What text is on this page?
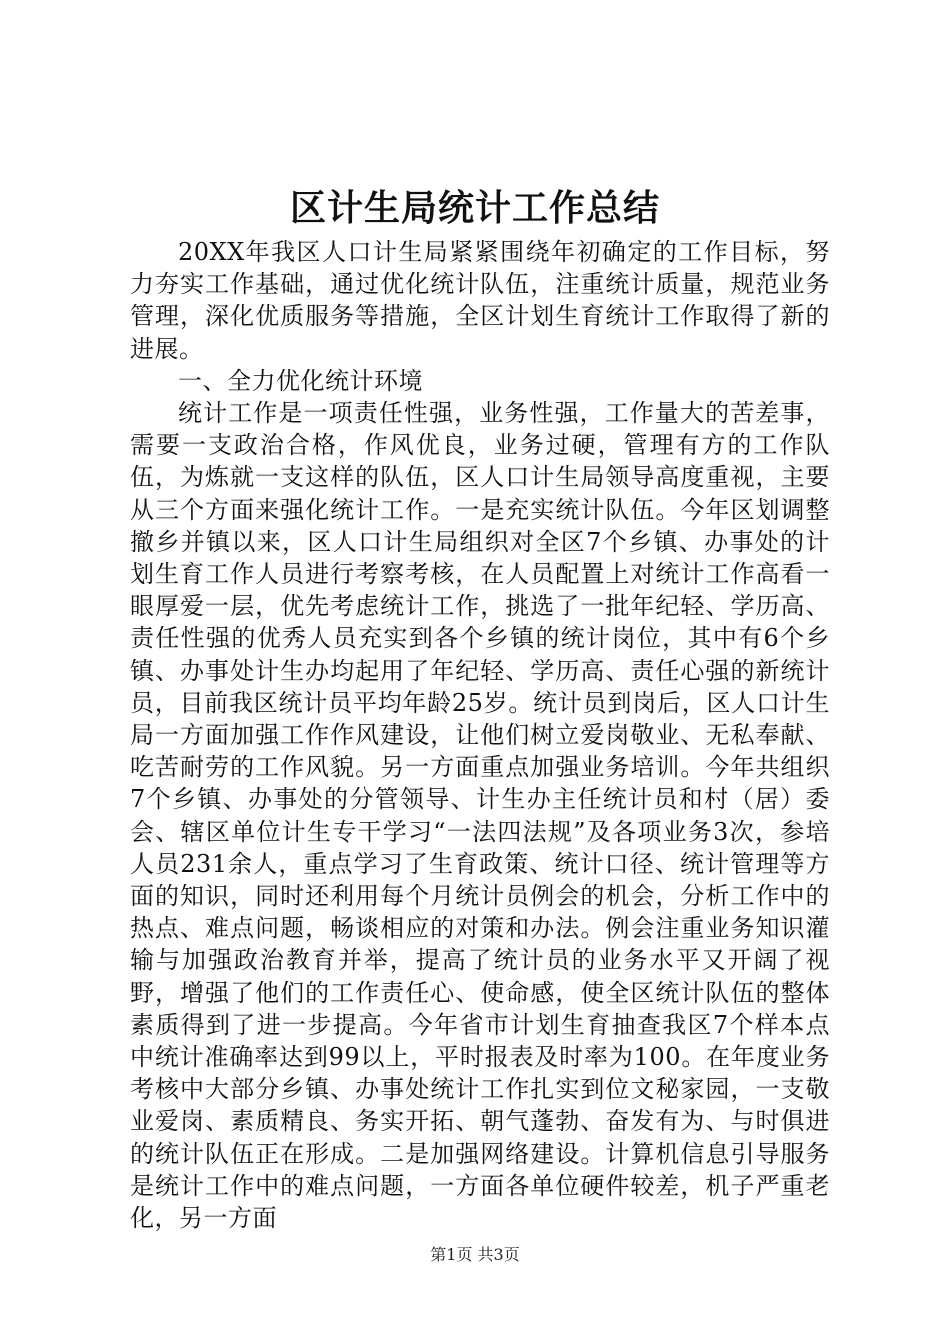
区计生局统计工作总结

20XX年我区人口计生局紧紧围绕年初确定的工作目标，努力夯实工作基础，通过优化统计队伍，注重统计质量，规范业务管理，深化优质服务等措施，全区计划生育统计工作取得了新的进展。

一、全力优化统计环境

统计工作是一项责任性强，业务性强，工作量大的苦差事，需要一支政治合格，作风优良，业务过硬，管理有方的工作队伍，为炼就一支这样的队伍，区人口计生局领导高度重视，主要从三个方面来强化统计工作。一是充实统计队伍。今年区划调整撤乡并镇以来，区人口计生局组织对全区7个乡镇、办事处的计划生育工作人员进行考察考核，在人员配置上对统计工作高看一眼厚爱一层，优先考虑统计工作，挑选了一批年纪轻、学历高、责任性强的优秀人员充实到各个乡镇的统计岗位，其中有6个乡镇、办事处计生办均起用了年纪轻、学历高、责任心强的新统计员，目前我区统计员平均年龄25岁。统计员到岗后，区人口计生局一方面加强工作作风建设，让他们树立爱岗敬业、无私奉献、吃苦耐劳的工作风貌。另一方面重点加强业务培训。今年共组织7个乡镇、办事处的分管领导、计生办主任统计员和村（居）委会、辖区单位计生专干学习“一法四法规”及各项业务3次，参培人员231余人，重点学习了生育政策、统计口径、统计管理等方面的知识，同时还利用每个月统计员例会的机会，分析工作中的热点、难点问题，畅谈相应的对策和办法。例会注重业务知识灌输与加强政治教育并举，提高了统计员的业务水平又开阔了视野，增强了他们的工作责任心、使命感，使全区统计队伍的整体素质得到了进一步提高。今年省市计划生育抽查我区7个样本点中统计准确率达到99以上，平时报表及时率为100。在年度业务考核中大部分乡镇、办事处统计工作扎实到位文秘家园，一支敬业爱岗、素质精良、务实开拓、朝气蓬勃、奋发有为、与时俱进的统计队伍正在形成。二是加强网络建设。计算机信息引导服务是统计工作中的难点问题，一方面各单位硬件较差，机子严重老化，另一方面

第1页 共3页
